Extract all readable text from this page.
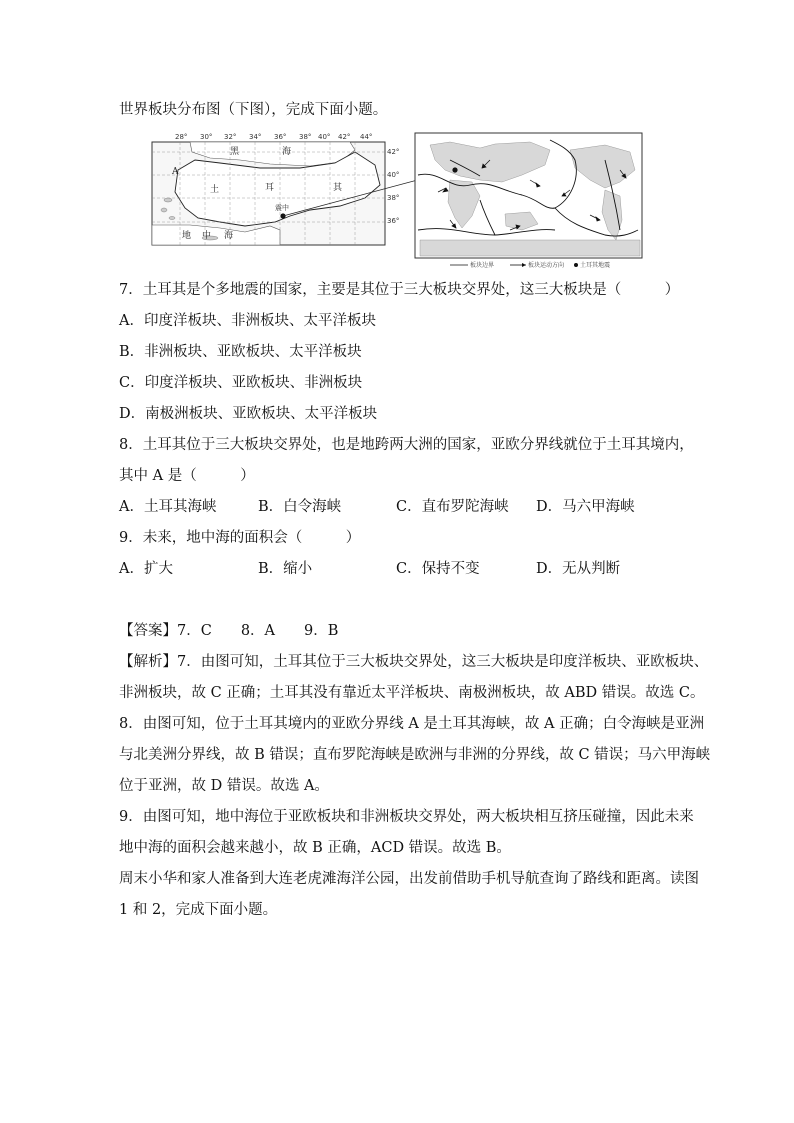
世界板块分布图（下图），完成下面小题。
28° 30° 32° 34° 36° 38° 40° 42° 44°
42°
40°
38°
36°
黑	海
土	耳	其
A
地 中 海
震中
板块边界	板块运动方向	土耳其地震
7．土耳其是个多地震的国家，主要是其位于三大板块交界处，这三大板块是（　　　）
A．印度洋板块、非洲板块、太平洋板块
B．非洲板块、亚欧板块、太平洋板块
C．印度洋板块、亚欧板块、非洲板块
D．南极洲板块、亚欧板块、太平洋板块
8．土耳其位于三大板块交界处，也是地跨两大洲的国家，亚欧分界线就位于土耳其境内，
其中 A 是（　　　）
A．土耳其海峡	B．白令海峡	C．直布罗陀海峡 D．马六甲海峡
9．未来，地中海的面积会（　　　）
A．扩大	B．缩小	C．保持不变	D．无从判断
【答案】7．C　　8．A　　9．B
【解析】7．由图可知，土耳其位于三大板块交界处，这三大板块是印度洋板块、亚欧板块、
非洲板块，故 C 正确；土耳其没有靠近太平洋板块、南极洲板块，故 ABD 错误。故选 C。
8．由图可知，位于土耳其境内的亚欧分界线 A 是土耳其海峡，故 A 正确；白令海峡是亚洲
与北美洲分界线，故 B 错误；直布罗陀海峡是欧洲与非洲的分界线，故 C 错误；马六甲海峡
位于亚洲，故 D 错误。故选 A。
9．由图可知，地中海位于亚欧板块和非洲板块交界处，两大板块相互挤压碰撞，因此未来
地中海的面积会越来越小，故 B 正确，ACD 错误。故选 B。
周末小华和家人准备到大连老虎滩海洋公园，出发前借助手机导航查询了路线和距离。读图
1 和 2，完成下面小题。
